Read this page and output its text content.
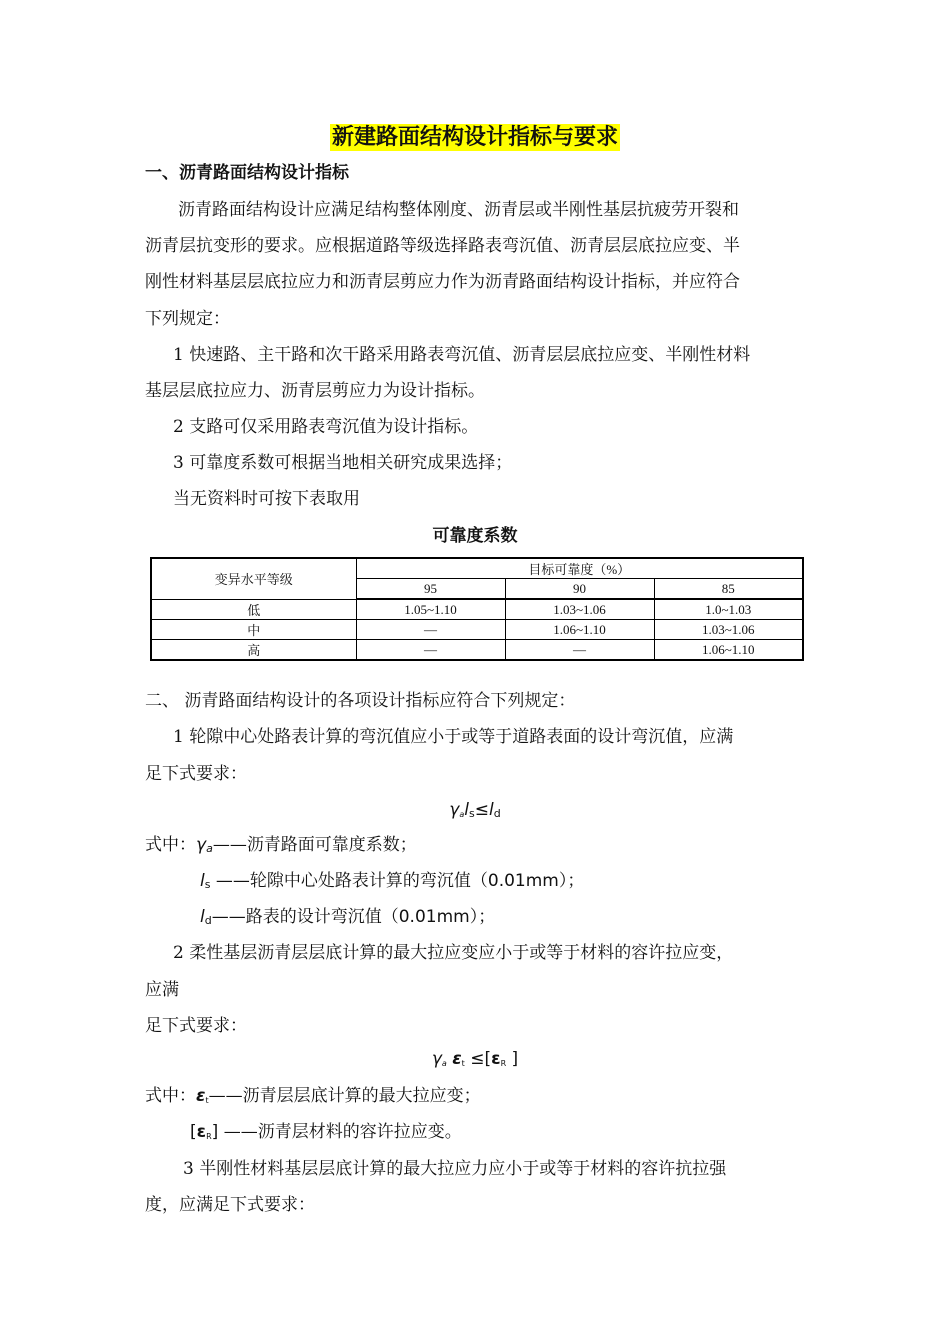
新建路面结构设计指标与要求
一、沥青路面结构设计指标
沥青路面结构设计应满足结构整体刚度、沥青层或半刚性基层抗疲劳开裂和
沥青层抗变形的要求。应根据道路等级选择路表弯沉值、沥青层层底拉应变、半
刚性材料基层层底拉应力和沥青层剪应力作为沥青路面结构设计指标，并应符合
下列规定：
1 快速路、主干路和次干路采用路表弯沉值、沥青层层底拉应变、半刚性材料
基层层底拉应力、沥青层剪应力为设计指标。
2 支路可仅采用路表弯沉值为设计指标。
3 可靠度系数可根据当地相关研究成果选择；
当无资料时可按下表取用
可靠度系数
变异水平等级	目标可靠度（%）		
	95	90	85
低	1.05~1.10	1.03~1.06	1.0~1.03
中	—	1.06~1.10	1.03~1.06
高	—	—	1.06~1.10
二、 沥青路面结构设计的各项设计指标应符合下列规定：
1 轮隙中心处路表计算的弯沉值应小于或等于道路表面的设计弯沉值，应满
足下式要求：
γals≤ld
式中：γa——沥青路面可靠度系数；
ls ——轮隙中心处路表计算的弯沉值（0.01mm）；
ld——路表的设计弯沉值（0.01mm）；
2 柔性基层沥青层层底计算的最大拉应变应小于或等于材料的容许拉应变，
应满
足下式要求：
γa εt ≤[εR ]
式中：εt——沥青层层底计算的最大拉应变；
[εR] ——沥青层材料的容许拉应变。
3 半刚性材料基层层底计算的最大拉应力应小于或等于材料的容许抗拉强
度，应满足下式要求：
